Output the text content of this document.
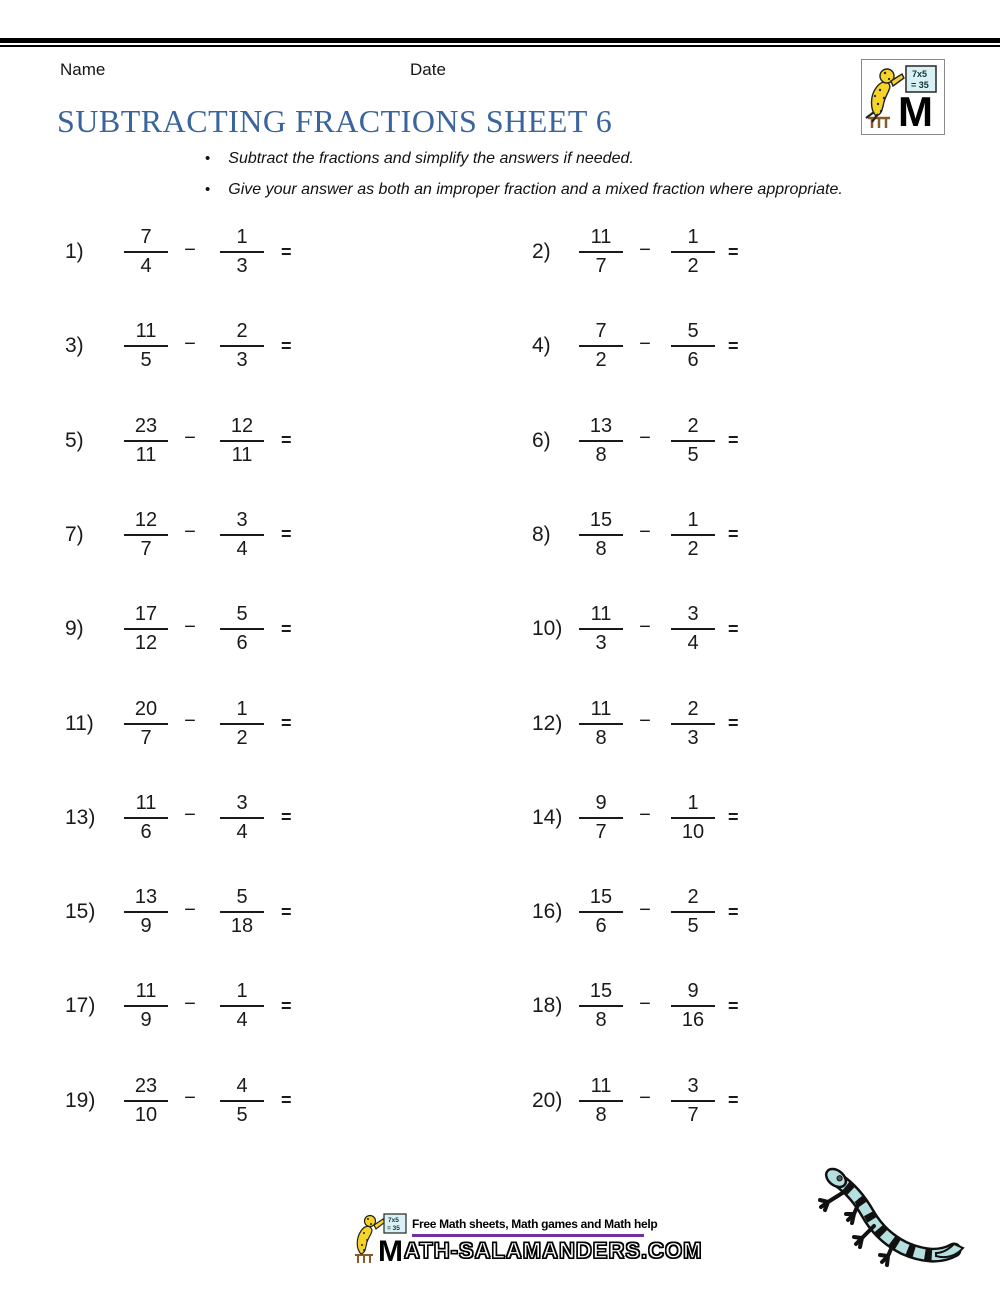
Name	Date	7x5
= 35
M
SUBTRACTING FRACTIONS SHEET 6
• Subtract the fractions and simplify the answers if needed.
• Give your answer as both an improper fraction and a mixed fraction where appropriate.
1)	$\frac{7}{4} - \frac{1}{3}$ =	2)	$\frac{11}{7} - \frac{1}{2}$ =
3)	$\frac{11}{5} - \frac{2}{3}$ =	4)	$\frac{7}{2} - \frac{5}{6}$ =
5)	$\frac{23}{11} - \frac{12}{11}$ =	6)	$\frac{13}{8} - \frac{2}{5}$ =
7)	$\frac{12}{7} - \frac{3}{4}$ =	8)	$\frac{15}{8} - \frac{1}{2}$ =
9)	$\frac{17}{12} - \frac{5}{6}$ =	$10) \frac{11}{3} - \frac{3}{4}$ =
11)	$\frac{20}{7} - \frac{1}{2}$ =	$12) \frac{11}{8} - \frac{2}{3}$ =
13)	$\frac{11}{6} - \frac{3}{4}$ =	$14) \frac{9}{7} - \frac{1}{10}$ =
15)	$\frac{13}{9} - \frac{5}{18}$ =	$16) \frac{15}{6} - \frac{2}{5}$ =
17)	$\frac{11}{9} - \frac{1}{4}$ =	$18) \frac{15}{8} - \frac{9}{16}$ =
19)	$\frac{23}{10} - \frac{4}{5}$ =	$20) \frac{11}{8} - \frac{3}{7}$ =
7x5
= 35 Free Math sheets, Math games and Math help
M ATH-SALAMANDERS.COM
